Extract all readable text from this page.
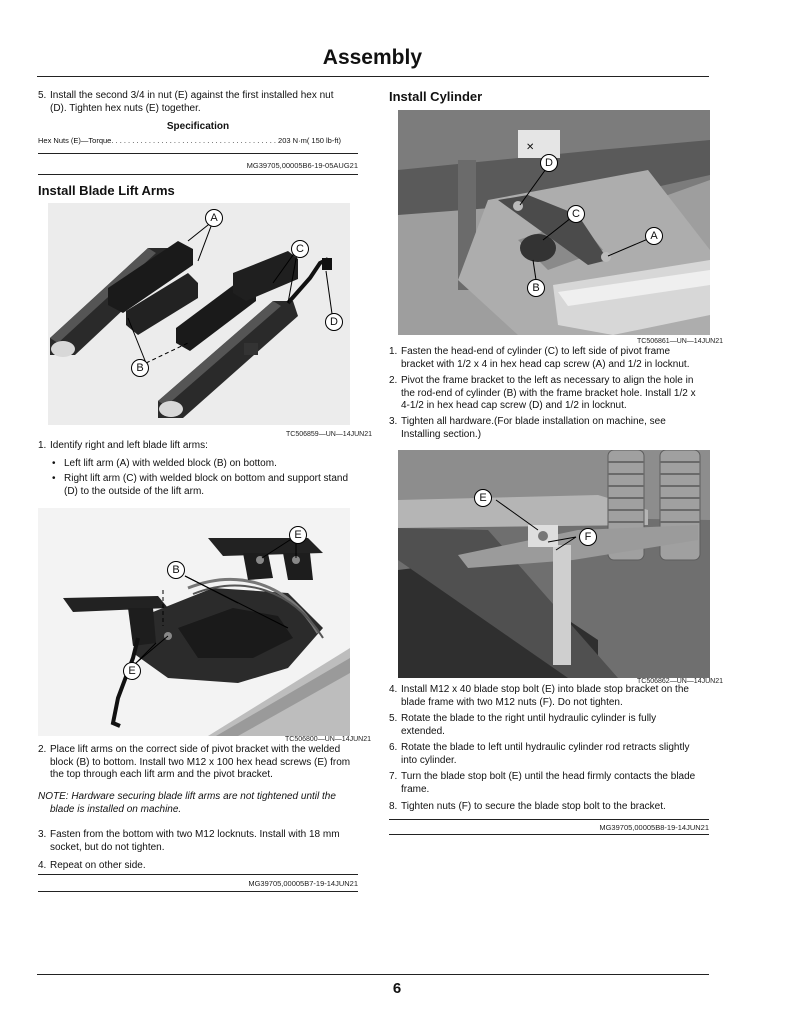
Assembly
5. Install the second 3/4 in nut (E) against the first installed hex nut
(D). Tighten hex nuts (E) together.
Specification
Hex Nuts (E)—Torque. . . . . . . . . . . . . . . . . . . . . . . . . . . . . . . . . . . . . . . . 203 N·m( 150 lb-ft)
MG39705,00005B6-19-05AUG21
Install Blade Lift Arms
A
C
D
B
TC506859—UN—14JUN21
1. Identify right and left blade lift arms:
• Left lift arm (A) with welded block (B) on bottom.
• Right lift arm (C) with welded block on bottom and support stand
(D) to the outside of the lift arm.
E
B
E
TC506800—UN—14JUN21
2. Place lift arms on the correct side of pivot bracket with the welded
block (B) to bottom. Install two M12 x 100 hex head screws (E) from
the top through each lift arm and the pivot bracket.
NOTE: Hardware securing blade lift arms are not tightened until the
blade is installed on machine.
3. Fasten from the bottom with two M12 locknuts. Install with 18 mm
socket, but do not tighten.
4. Repeat on other side.
MG39705,00005B7-19-14JUN21
Install Cylinder
✕
D
C
A
B
TC506861—UN—14JUN21
1. Fasten the head-end of cylinder (C) to left side of pivot frame
bracket with 1/2 x 4 in hex head cap screw (A) and 1/2 in locknut.
2. Pivot the frame bracket to the left as necessary to align the hole in
the rod-end of cylinder (B) with the frame bracket hole. Install 1/2 x
4-1/2 in hex head cap screw (D) and 1/2 in locknut.
3. Tighten all hardware.(For blade installation on machine, see
Installing section.)
E
F
TC506862—UN—14JUN21
4. Install M12 x 40 blade stop bolt (E) into blade stop bracket on the
blade frame with two M12 nuts (F). Do not tighten.
5. Rotate the blade to the right until hydraulic cylinder is fully
extended.
6. Rotate the blade to left until hydraulic cylinder rod retracts slightly
into cylinder.
7. Turn the blade stop bolt (E) until the head firmly contacts the blade
frame.
8. Tighten nuts (F) to secure the blade stop bolt to the bracket.
MG39705,00005B8-19-14JUN21
6
